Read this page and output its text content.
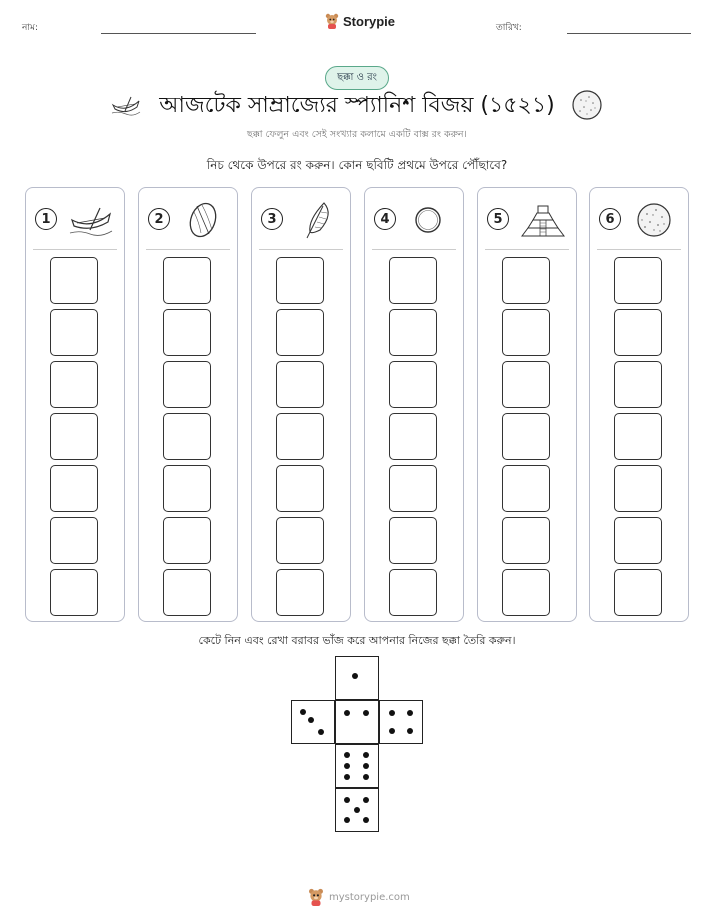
নাম:	Storypie	তারিখ:
ছক্কা ও রং
আজটেক সাম্রাজ্যের স্প্যানিশ বিজয় (১৫২১)
ছক্কা ফেলুন এবং সেই সংখ্যার কলামে একটি বাক্স রং করুন।
নিচ থেকে উপরে রং করুন। কোন ছবিটি প্রথমে উপরে পৌঁছাবে?
1	2	3	4	5	6
কেটে নিন এবং রেখা বরাবর ভাঁজ করে আপনার নিজের ছক্কা তৈরি করুন।
mystorypie.com
